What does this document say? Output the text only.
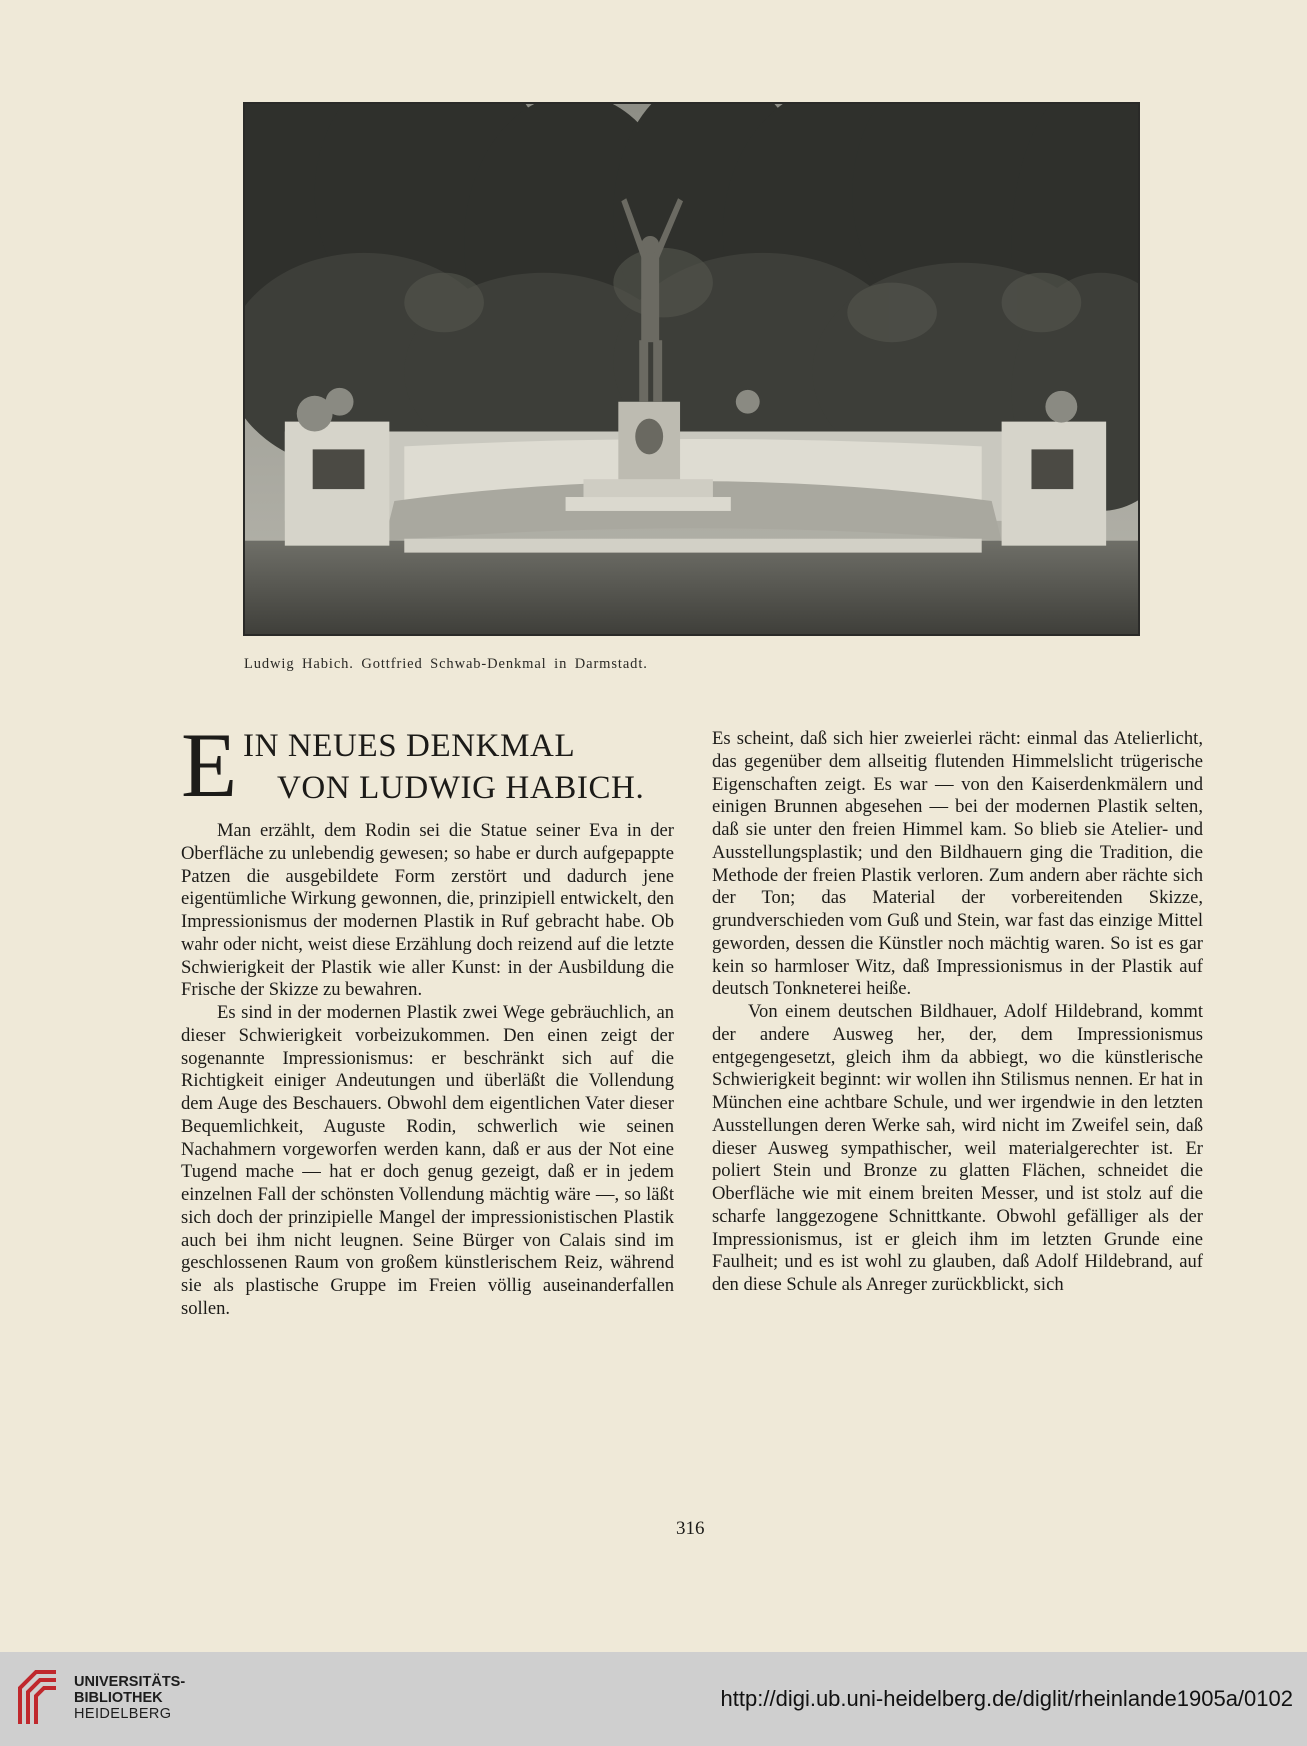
Ludwig Habich. Gottfried Schwab-Denkmal in Darmstadt.
E IN NEUES DENKMAL
VON LUDWIG HABICH.

Man erzählt, dem Rodin sei die Statue seiner Eva in der Oberfläche zu unlebendig gewesen; so habe er durch aufgepappte Patzen die ausgebildete Form zerstört und dadurch jene eigentümliche Wirkung gewonnen, die, prinzipiell entwickelt, den Impressionismus der modernen Plastik in Ruf gebracht habe. Ob wahr oder nicht, weist diese Erzählung doch reizend auf die letzte Schwierigkeit der Plastik wie aller Kunst: in der Ausbildung die Frische der Skizze zu bewahren.

Es sind in der modernen Plastik zwei Wege gebräuchlich, an dieser Schwierigkeit vorbeizukommen. Den einen zeigt der sogenannte Impressionismus: er beschränkt sich auf die Richtigkeit einiger Andeutungen und überläßt die Vollendung dem Auge des Beschauers. Obwohl dem eigentlichen Vater dieser Bequemlichkeit, Auguste Rodin, schwerlich wie seinen Nachahmern vorgeworfen werden kann, daß er aus der Not eine Tugend mache — hat er doch genug gezeigt, daß er in jedem einzelnen Fall der schönsten Vollendung mächtig wäre —, so läßt sich doch der prinzipielle Mangel der impressionistischen Plastik auch bei ihm nicht leugnen. Seine Bürger von Calais sind im geschlossenen Raum von großem künstlerischem Reiz, während sie als plastische Gruppe im Freien völlig auseinanderfallen sollen.

Es scheint, daß sich hier zweierlei rächt: einmal das Atelierlicht, das gegenüber dem allseitig flutenden Himmelslicht trügerische Eigenschaften zeigt. Es war — von den Kaiserdenkmälern und einigen Brunnen abgesehen — bei der modernen Plastik selten, daß sie unter den freien Himmel kam. So blieb sie Atelier- und Ausstellungsplastik; und den Bildhauern ging die Tradition, die Methode der freien Plastik verloren. Zum andern aber rächte sich der Ton; das Material der vorbereitenden Skizze, grundverschieden vom Guß und Stein, war fast das einzige Mittel geworden, dessen die Künstler noch mächtig waren. So ist es gar kein so harmloser Witz, daß Impressionismus in der Plastik auf deutsch Tonkneterei heiße.

Von einem deutschen Bildhauer, Adolf Hildebrand, kommt der andere Ausweg her, der, dem Impressionismus entgegengesetzt, gleich ihm da abbiegt, wo die künstlerische Schwierigkeit beginnt: wir wollen ihn Stilismus nennen. Er hat in München eine achtbare Schule, und wer irgendwie in den letzten Ausstellungen deren Werke sah, wird nicht im Zweifel sein, daß dieser Ausweg sympathischer, weil materialgerechter ist. Er poliert Stein und Bronze zu glatten Flächen, schneidet die Oberfläche wie mit einem breiten Messer, und ist stolz auf die scharfe langgezogene Schnittkante. Obwohl gefälliger als der Impressionismus, ist er gleich ihm im letzten Grunde eine Faulheit; und es ist wohl zu glauben, daß Adolf Hildebrand, auf den diese Schule als Anreger zurückblickt, sich

316
UNIVERSITÄTS-
BIBLIOTHEK
HEIDELBERG
http://digi.ub.uni-heidelberg.de/diglit/rheinlande1905a/0102
